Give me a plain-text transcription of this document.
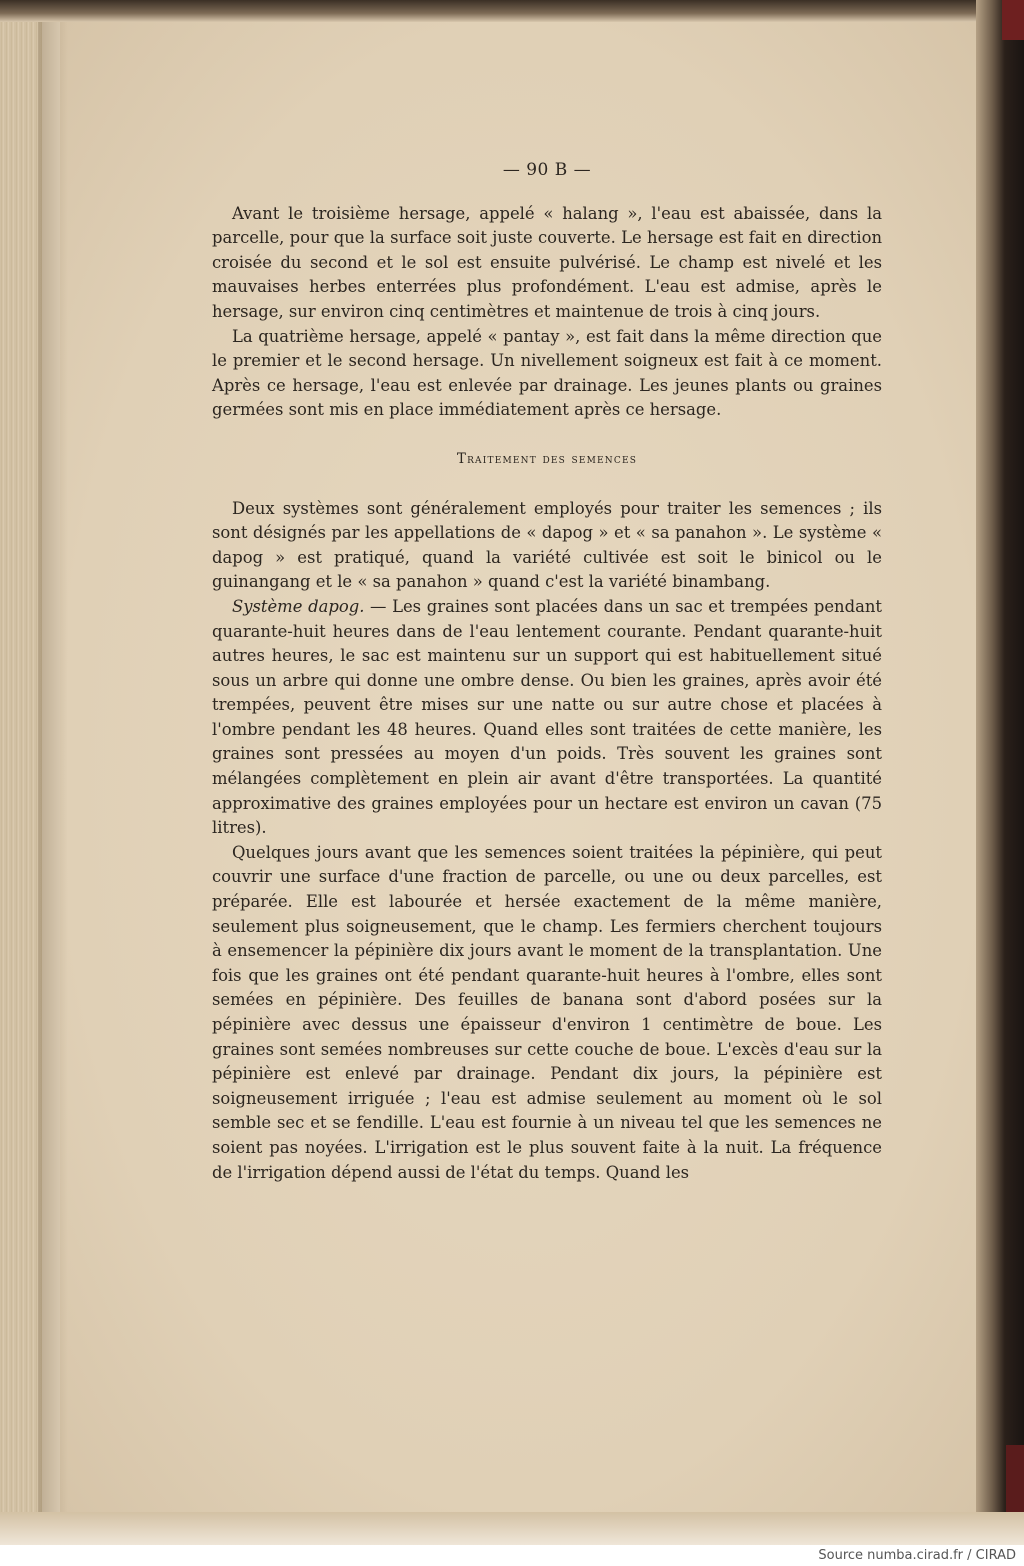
— 90 B —

Avant le troisième hersage, appelé « halang », l'eau est abaissée, dans la parcelle, pour que la surface soit juste couverte. Le hersage est fait en direction croisée du second et le sol est ensuite pulvérisé. Le champ est nivelé et les mauvaises herbes enterrées plus profondément. L'eau est admise, après le hersage, sur environ cinq centimètres et maintenue de trois à cinq jours.

La quatrième hersage, appelé « pantay », est fait dans la même direction que le premier et le second hersage. Un nivellement soigneux est fait à ce moment. Après ce hersage, l'eau est enlevée par drainage. Les jeunes plants ou graines germées sont mis en place immédiatement après ce hersage.

Traitement des semences

Deux systèmes sont généralement employés pour traiter les semences ; ils sont désignés par les appellations de « dapog » et « sa panahon ». Le système « dapog » est pratiqué, quand la variété cultivée est soit le binicol ou le guinangang et le « sa panahon » quand c'est la variété binambang.

Système dapog. — Les graines sont placées dans un sac et trempées pendant quarante-huit heures dans de l'eau lentement courante. Pendant quarante-huit autres heures, le sac est maintenu sur un support qui est habituellement situé sous un arbre qui donne une ombre dense. Ou bien les graines, après avoir été trempées, peuvent être mises sur une natte ou sur autre chose et placées à l'ombre pendant les 48 heures. Quand elles sont traitées de cette manière, les graines sont pressées au moyen d'un poids. Très souvent les graines sont mélangées complètement en plein air avant d'être transportées. La quantité approximative des graines employées pour un hectare est environ un cavan (75 litres).

Quelques jours avant que les semences soient traitées la pépinière, qui peut couvrir une surface d'une fraction de parcelle, ou une ou deux parcelles, est préparée. Elle est labourée et hersée exactement de la même manière, seulement plus soigneusement, que le champ. Les fermiers cherchent toujours à ensemencer la pépinière dix jours avant le moment de la transplantation. Une fois que les graines ont été pendant quarante-huit heures à l'ombre, elles sont semées en pépinière. Des feuilles de banana sont d'abord posées sur la pépinière avec dessus une épaisseur d'environ 1 centimètre de boue. Les graines sont semées nombreuses sur cette couche de boue. L'excès d'eau sur la pépinière est enlevé par drainage. Pendant dix jours, la pépinière est soigneusement irriguée ; l'eau est admise seulement au moment où le sol semble sec et se fendille. L'eau est fournie à un niveau tel que les semences ne soient pas noyées. L'irrigation est le plus souvent faite à la nuit. La fréquence de l'irrigation dépend aussi de l'état du temps. Quand les

Source numba.cirad.fr / CIRAD
